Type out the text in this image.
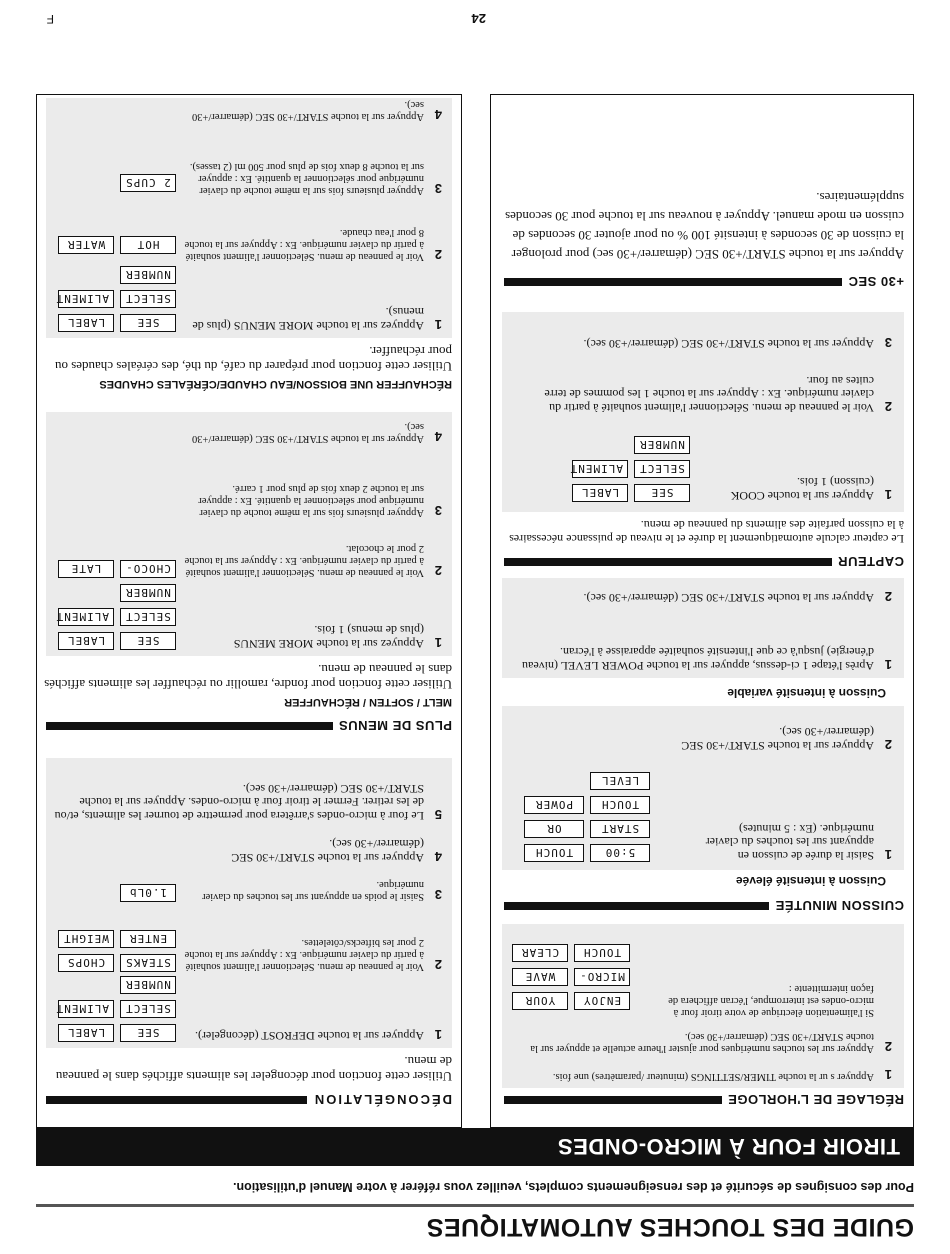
GUIDE DES TOUCHES AUTOMATIQUES
Pour des consignes de sécurité et des renseignements complets, veuillez vous référer à votre Manuel d'utilisation.
TIROIR FOUR À MICRO-ONDES
RÉGLAGE DE L'HORLOGE
1
Appuyer s ur la touche TIMER/SETTINGS (minuteur /paramètres) une fois.
2
Appuyer sur les touches numériques pour ajuster l'heure actuelle et appuyer sur la touche START/+30 SEC (démarrer/+30 sec).
Si l'alimentation électrique de votre tiroir four à micro-ondes est interrompue, l'écran affichera de façon intermittente :
ENJOY
YOUR
MICRO-
WAVE
TOUCH
CLEAR
CUISSON MINUTÉE
Cuisson à intensité élevée
1
Saisir la durée de cuisson en appuyant sur les touches du clavier numérique. (Ex : 5 minutes)
5:00
TOUCH
START
OR
TOUCH
POWER
LEVEL
2
Appuyer sur la touche START/+30 SEC (démarrer/+30 sec).
Cuisson à intensité variable
1
Après l'étape 1 ci-dessus, appuyer sur la touche POWER LEVEL (niveau d'énergie) jusqu'à ce que l'intensité souhaitée apparaisse à l'écran.
2
Appuyer sur la touche START/+30 SEC (démarrer/+30 sec).
CAPTEUR
Le capteur calcule automatiquement la durée et le niveau de puissance nécessaires à la cuisson parfaite des aliments du panneau de menu.
1
Appuyer sur la touche COOK (cuisson) 1 fois.
SEE
LABEL
SELECT
ALIMENT
NUMBER
2
Voir le panneau de menu. Sélectionner l'aliment souhaité à partir du clavier numérique. Ex : Appuyer sur la touche 1 les pommes de terre cuites au four.
3
Appuyer sur la touche START/+30 SEC (démarrer/+30 sec).
+30 SEC
Appuyer sur la touche START/+30 SEC (démarrer/+30 sec) pour prolonger la cuisson de 30 secondes à intensité 100 % ou pour ajouter 30 secondes de cuisson en mode manuel. Appuyer à nouveau sur la touche pour 30 secondes supplémentaires.
DÉCONGÉLATION
Utiliser cette fonction pour décongeler les aliments affichés dans le panneau de menu.
1
Appuyer sur la touche DEFROST (décongeler).
SEE
LABEL
SELECT
ALIMENT
NUMBER
2
Voir le panneau de menu. Sélectionner l'aliment souhaité à partir du clavier numérique. Ex : Appuyer sur la touche 2 pour les biftecks/côtelettes.
STEAKS
CHOPS
ENTER
WEIGHT
3
Saisir le poids en appuyant sur les touches du clavier numérique.
1.0Lb
4
Appuyer sur la touche START/+30 SEC (démarrer/+30 sec).
5
Le four à micro-ondes s'arrêtera pour permettre de tourner les aliments, et/ou de les retirer. Fermer le tiroir four à micro-ondes. Appuyer sur la touche START/+30 SEC (démarrer/+30 sec).
PLUS DE MENUS
MELT / SOFTEN / RÉCHAUFFER
Utiliser cette fonction pour fondre, ramollir ou réchauffer les aliments affichés dans le panneau de menu.
1
Appuyez sur la touche MORE MENUS (plus de menus) 1 fois.
SEE
LABEL
SELECT
ALIMENT
NUMBER
2
Voir le panneau de menu. Sélectionner l'aliment souhaité à partir du clavier numérique. Ex : Appuyer sur la touche 2 pour le chocolat.
CHOCO-
LATE
3
Appuyer plusieurs fois sur la même touche du clavier numérique pour sélectionner la quantité. Ex : appuyer sur la touche 2 deux fois de plus pour 1 carré.
4
Appuyer sur la touche START/+30 SEC (démarrer/+30 sec).
RÉCHAUFFER UNE BOISSON/EAU CHAUDE/CÉRÉALES CHAUDES
Utiliser cette fonction pour préparer du café, du thé, des céréales chaudes ou pour réchauffer.
1
Appuyez sur la touche MORE MENUS (plus de menus).
SEE
LABEL
SELECT
ALIMENT
NUMBER
2
Voir le panneau de menu. Sélectionner l'aliment souhaité à partir du clavier numérique. Ex : Appuyer sur la touche 8 pour l'eau chaude.
HOT
WATER
3
Appuyer plusieurs fois sur la même touche du clavier numérique pour sélectionner la quantité. Ex : appuyer sur la touche 8 deux fois de plus pour 500 ml (2 tasses).
2 CUPS
4
Appuyer sur la touche START/+30 SEC (démarrer/+30 sec).
24
F
